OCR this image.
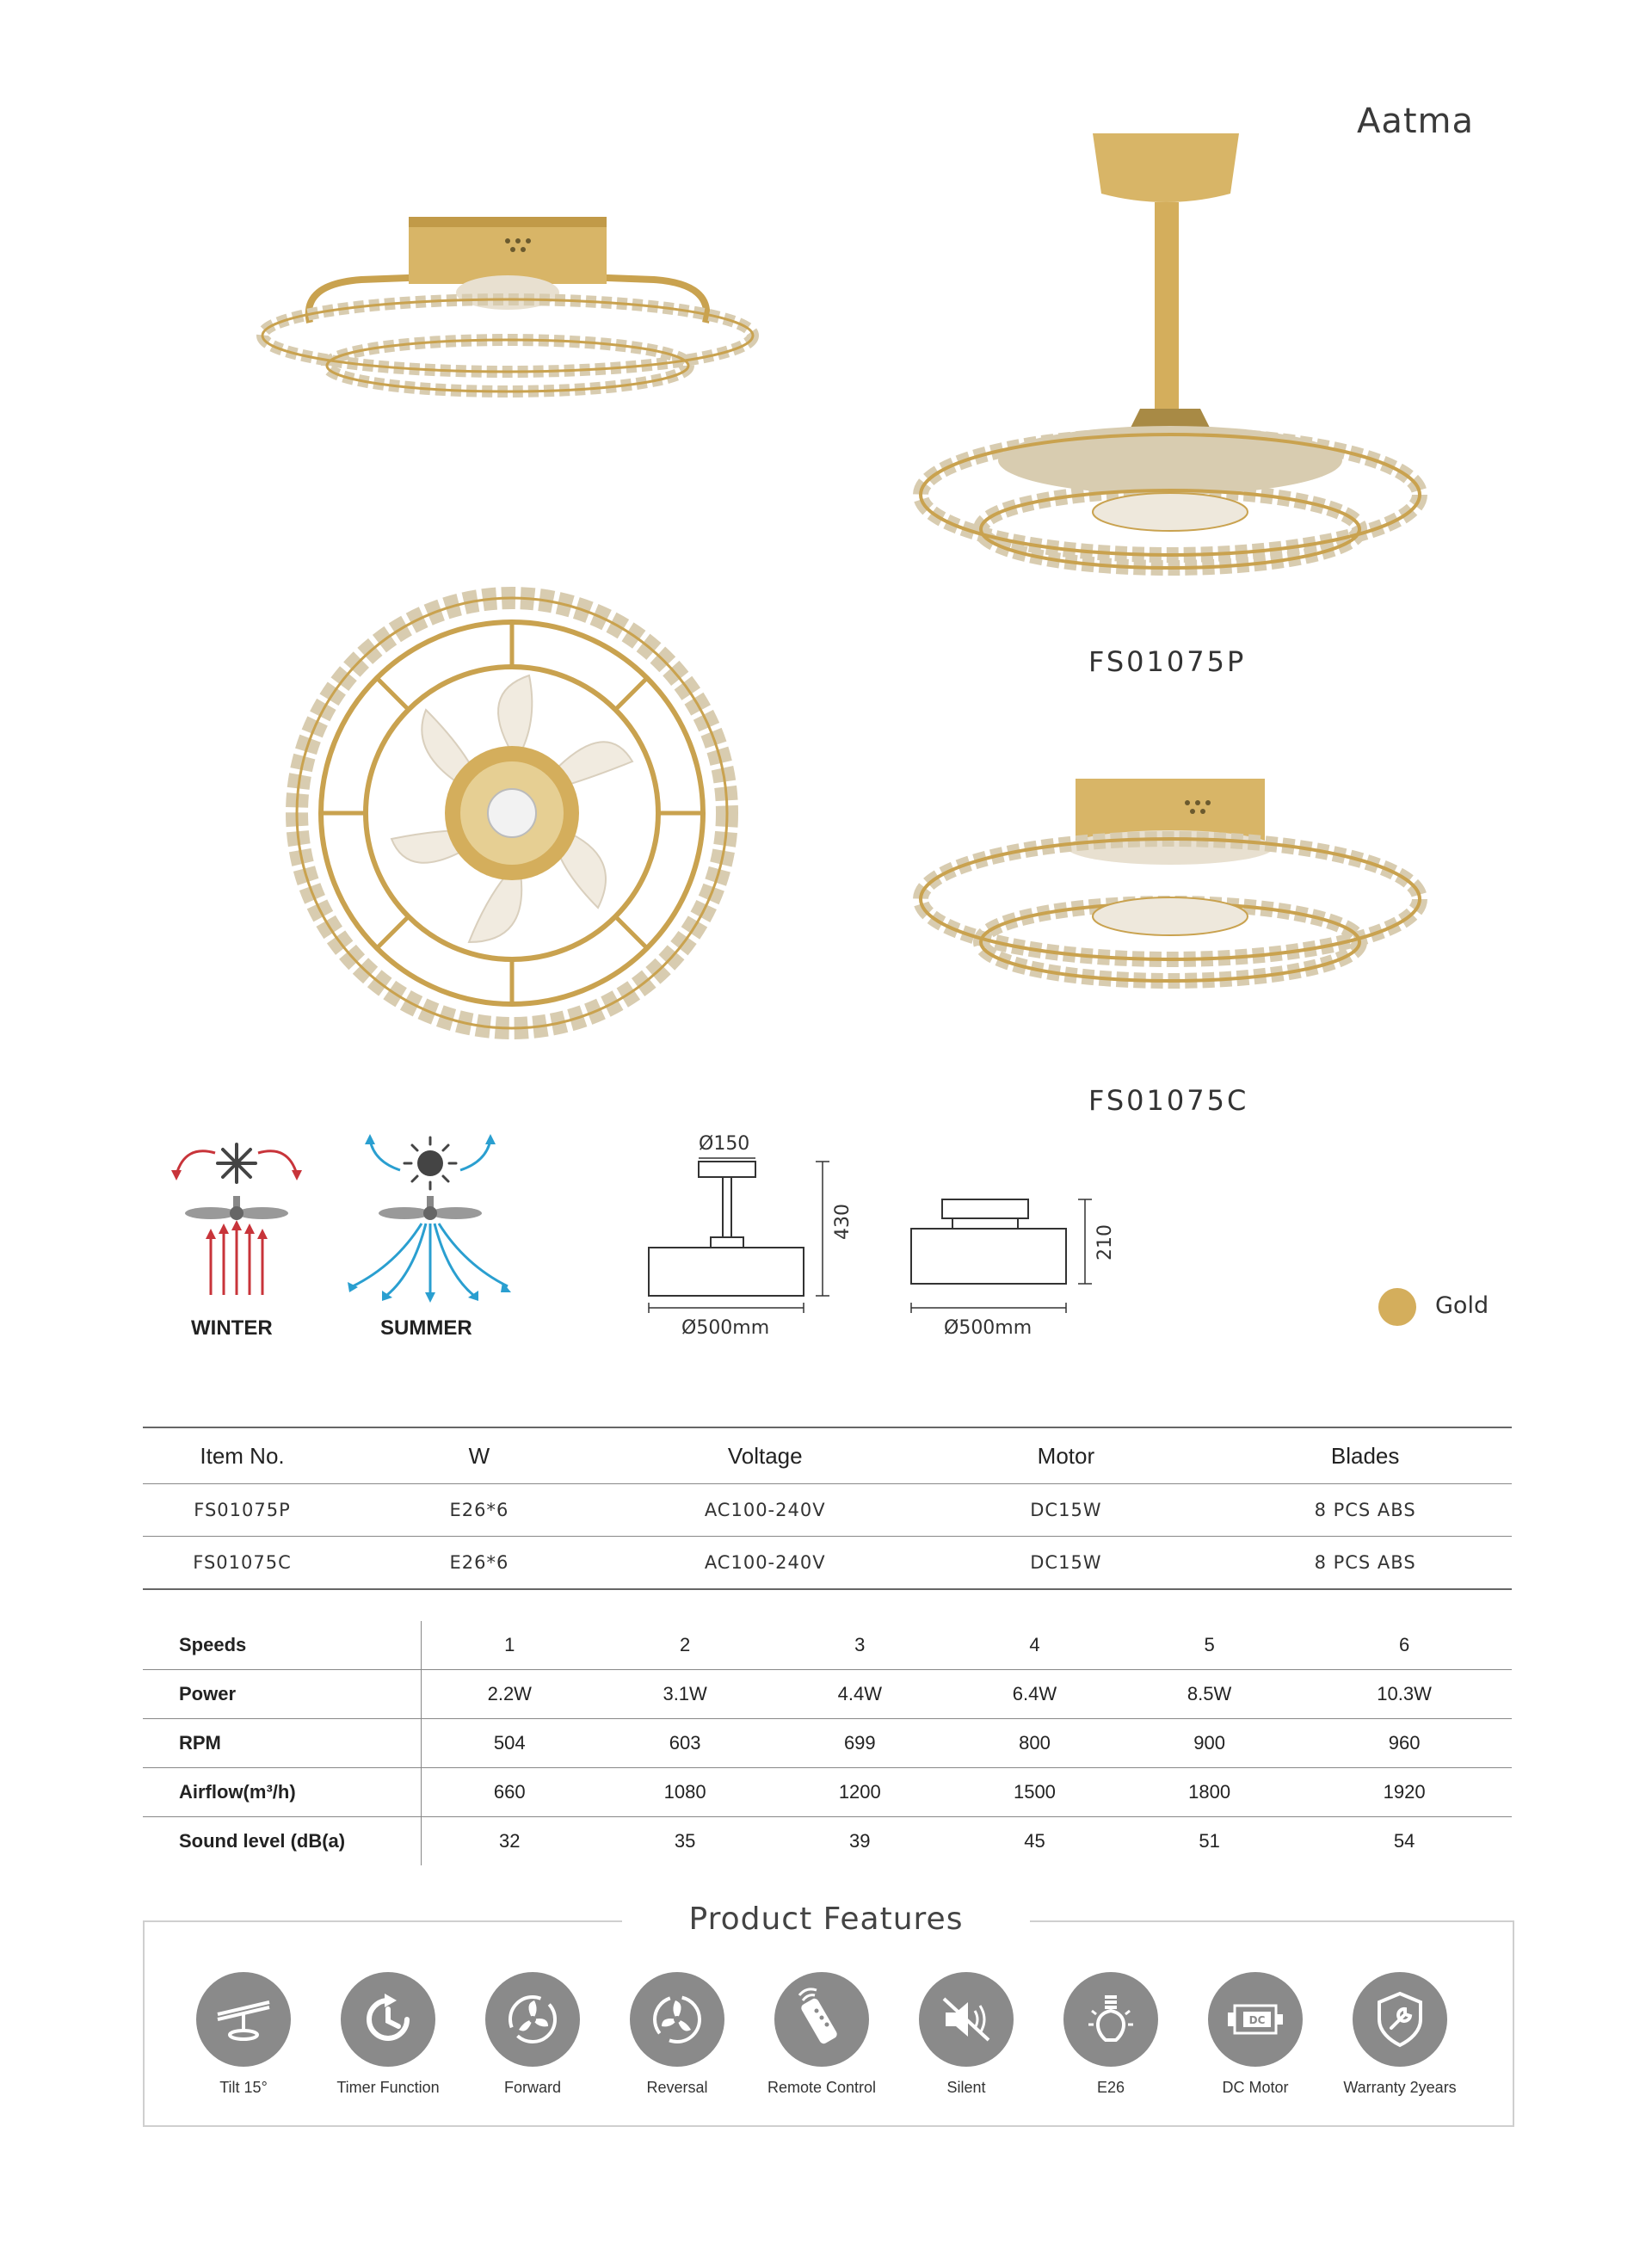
Aatma
FS01075P
FS01075C
WINTER	SUMMER
Ø150
Ø500mm
430
Ø500mm
210
Gold
Item No.	W	Voltage	Motor	Blades
FS01075P	E26*6	AC100-240V	DC15W	8 PCS ABS
FS01075C	E26*6	AC100-240V	DC15W	8 PCS ABS
Speeds	1	2	3	4	5	6
Power	2.2W	3.1W	4.4W	6.4W	8.5W	10.3W
RPM	504	603	699	800	900	960
Airflow(m³/h)	660	1080	1200	1500	1800	1920
Sound level (dB(a)	32	35	39	45	51	54
Product Features
Tilt 15°	Timer Function	Forward	Reversal	Remote Control	Silent	E26
DC
DC Motor	Warranty 2years
